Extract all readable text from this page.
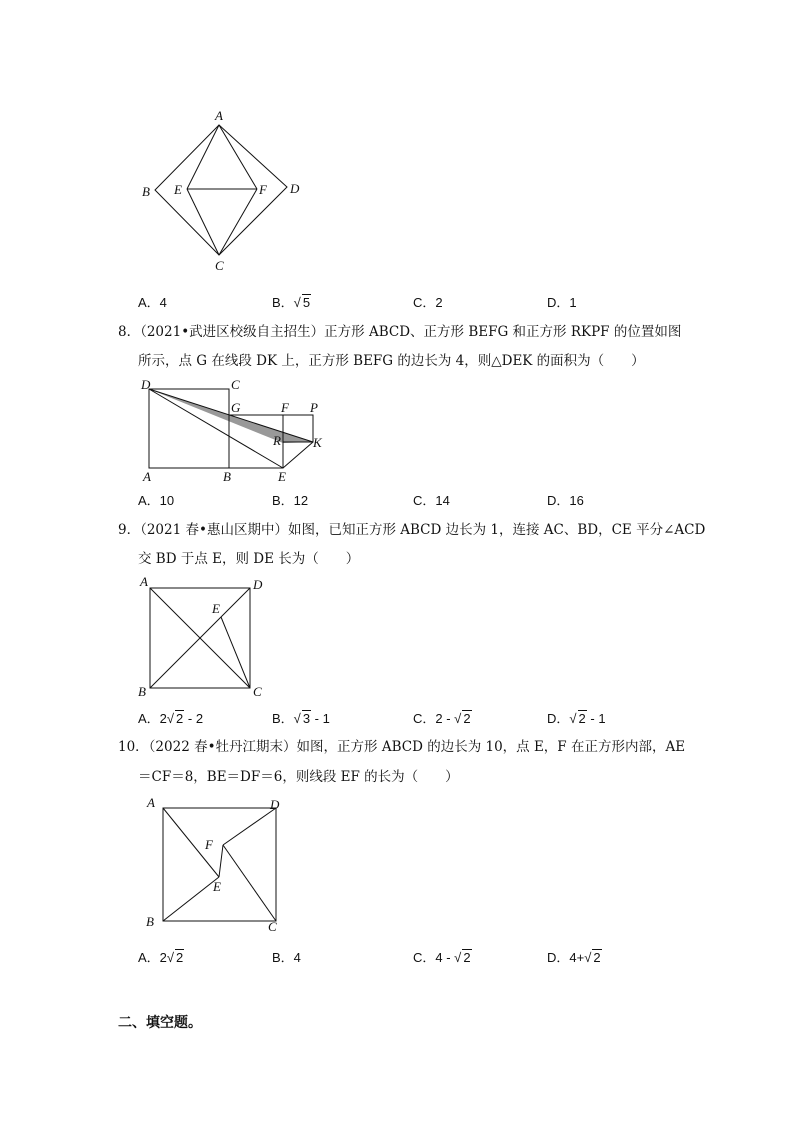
A
B E	F D
C
A．4	B．√ 5	C．2	D．1
8．（2021•武进区校级自主招生）正方形 ABCD、正方形 BEFG 和正方形 RKPF 的位置如图
所示，点 G 在线段 DK 上，正方形 BEFG 的边长为 4，则△DEK 的面积为（　　）
D	C
G	F P
R K
A	B	E
A．10	B．12	C．14	D．16
9．（2021 春•惠山区期中）如图，已知正方形 ABCD 边长为 1，连接 AC、BD，CE 平分∠ACD
交 BD 于点 E，则 DE 长为（　　）
A	D
E
B	C
A．2√ 2 - 2	B．√ 3 - 1	C．2 - √ 2	D．√ 2 - 1
10．（2022 春•牡丹江期末）如图，正方形 ABCD 的边长为 10，点 E，F 在正方形内部，AE
＝CF＝8，BE＝DF＝6，则线段 EF 的长为（　　）
A	D
F
E
B	C
A．2√ 2	B．4	C．4 - √ 2	D．4+√ 2
二、填空题。
